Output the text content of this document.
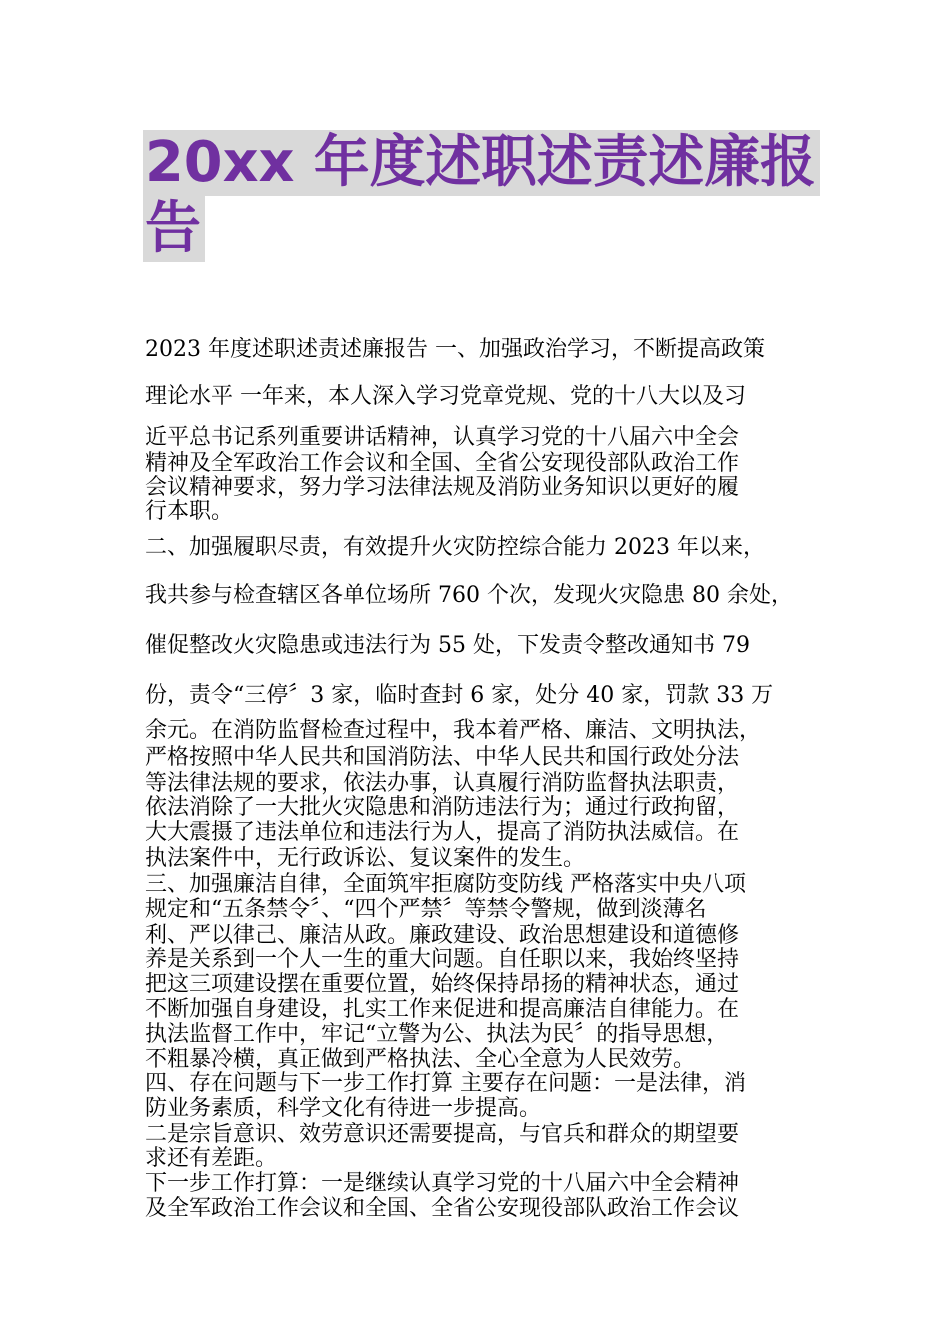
20xx 年度述职述责述廉报
告
2023 年度述职述责述廉报告 一、加强政治学习，不断提高政策
理论水平 一年来，本人深入学习党章党规、党的十八大以及习
近平总书记系列重要讲话精神，认真学习党的十八届六中全会
精神及全军政治工作会议和全国、全省公安现役部队政治工作
会议精神要求，努力学习法律法规及消防业务知识以更好的履
行本职。
二、加强履职尽责，有效提升火灾防控综合能力 2023 年以来，
我共参与检查辖区各单位场所 760 个次，发现火灾隐患 80 余处，
催促整改火灾隐患或违法行为 55 处，下发责令整改通知书 79
份，责令“三停〞3 家，临时查封 6 家，处分 40 家，罚款 33 万
余元。在消防监督检查过程中，我本着严格、廉洁、文明执法，
严格按照中华人民共和国消防法、中华人民共和国行政处分法
等法律法规的要求，依法办事，认真履行消防监督执法职责，
依法消除了一大批火灾隐患和消防违法行为；通过行政拘留，
大大震摄了违法单位和违法行为人，提高了消防执法威信。在
执法案件中，无行政诉讼、复议案件的发生。
三、加强廉洁自律，全面筑牢拒腐防变防线 严格落实中央八项
规定和“五条禁令〞、“四个严禁〞等禁令警规，做到淡薄名
利、严以律己、廉洁从政。廉政建设、政治思想建设和道德修
养是关系到一个人一生的重大问题。自任职以来，我始终坚持
把这三项建设摆在重要位置，始终保持昂扬的精神状态，通过
不断加强自身建设，扎实工作来促进和提高廉洁自律能力。在
执法监督工作中，牢记“立警为公、执法为民〞的指导思想，
不粗暴冷横，真正做到严格执法、全心全意为人民效劳。
四、存在问题与下一步工作打算 主要存在问题：一是法律，消
防业务素质，科学文化有待进一步提高。
二是宗旨意识、效劳意识还需要提高，与官兵和群众的期望要
求还有差距。
下一步工作打算：一是继续认真学习党的十八届六中全会精神
及全军政治工作会议和全国、全省公安现役部队政治工作会议
